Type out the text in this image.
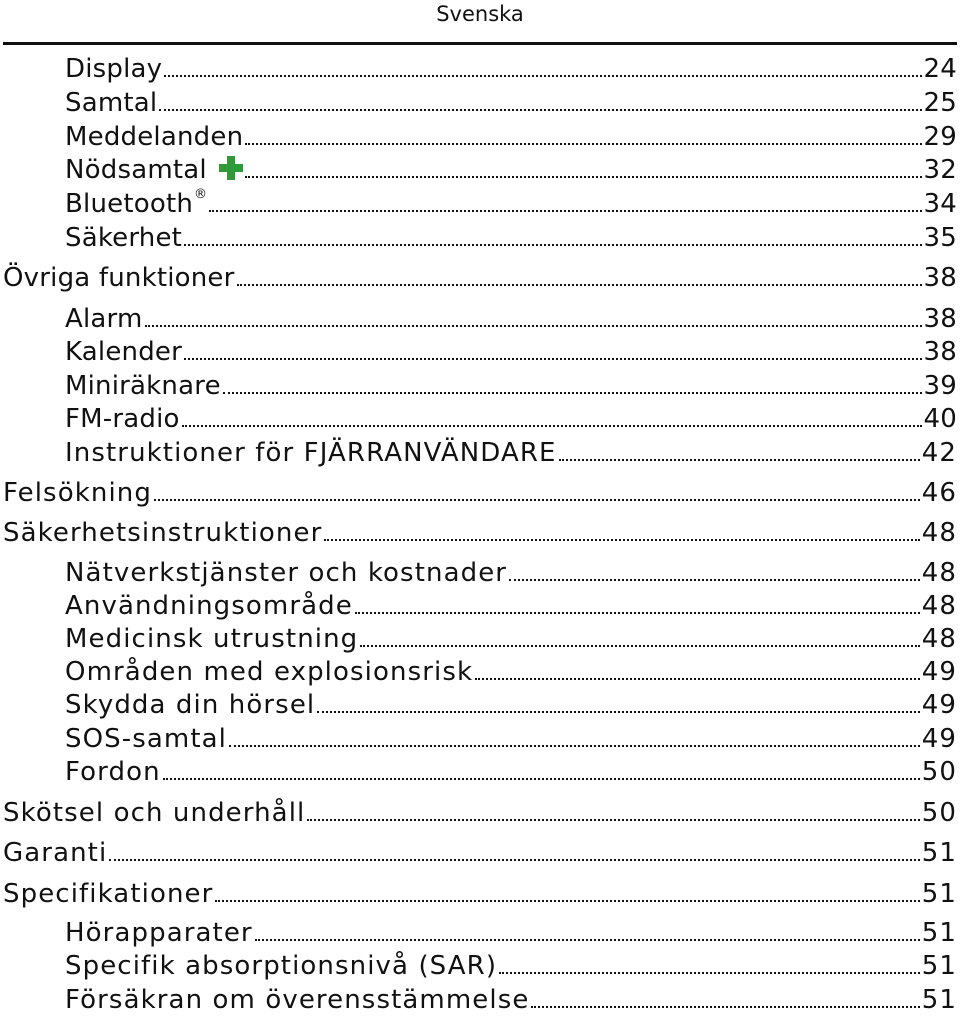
Svenska
Display	24
Samtal	25
Meddelanden	29
Nödsamtal	32
Bluetooth ®	34
Säkerhet	35
Övriga funktioner	38
Alarm	38
Kalender	38
Miniräknare	39
FM-radio	40
Instruktioner för FJÄRRANVÄNDARE	42
Felsökning	46
Säkerhetsinstruktioner	48
Nätverkstjänster och kostnader	48
Användningsområde	48
Medicinsk utrustning	48
Områden med explosionsrisk	49
Skydda din hörsel	49
SOS-samtal	49
Fordon	50
Skötsel och underhåll	50
Garanti	51
Specifikationer	51
Hörapparater	51
Specifik absorptionsnivå (SAR)	51
Försäkran om överensstämmelse	51
